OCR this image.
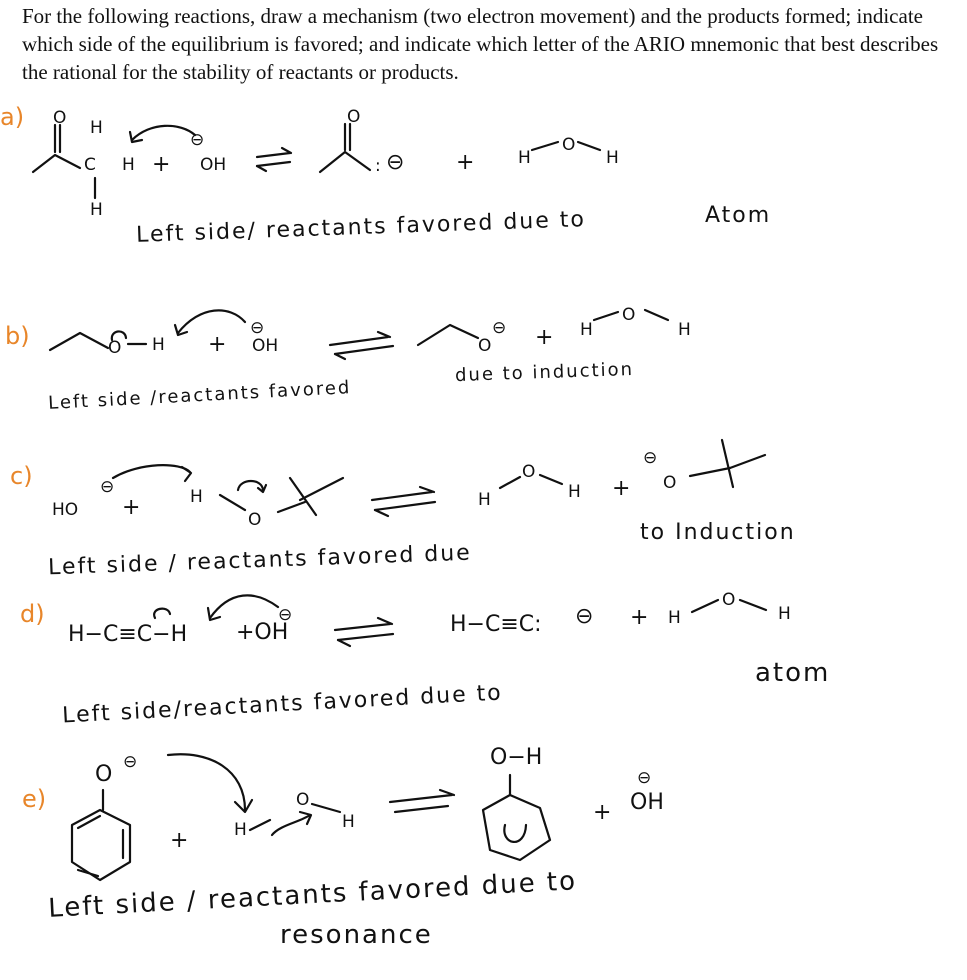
For the following reactions, draw a mechanism (two electron movement) and the products formed; indicate which side of the equilibrium is favored; and indicate which letter of the ARIO mnemonic that best describes the rational for the stability of reactants or products.
a) O H
C H
H
+
⊖
OH
O
: ⊖ +	H
O
H
Left side/ reactants favored due to	Atom
b)	O H +
⊖
OH	O
⊖ + H
O
H
Left side /reactants favored
due to induction
c)
HO
⊖
+	H
O
H
O
H +
⊖
O
Left side / reactants favored due
to Induction
d)
H−C≡C−H
⊖
+OH	H−C≡C: ⊖ + H
O
H
Left side/reactants favored due to
atom
e)
O ⊖
+	H
O
H
O−H
+
⊖
OH
Left side / reactants favored due to
resonance
